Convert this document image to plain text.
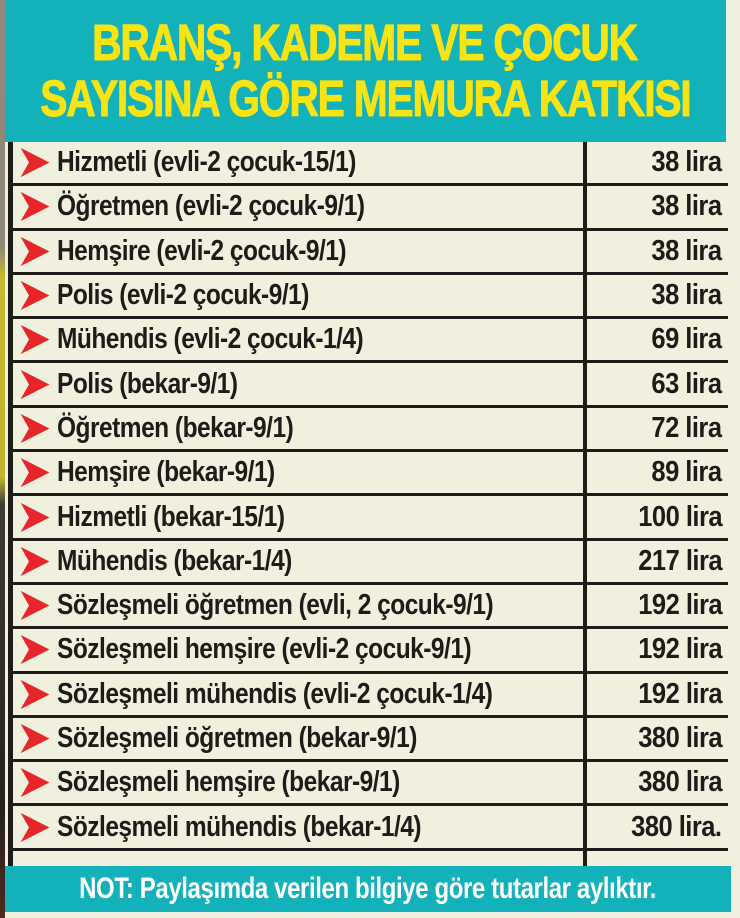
BRANŞ, KADEME VE ÇOCUK
SAYISINA GÖRE MEMURA KATKISI
Hizmetli (evli-2 çocuk-15/1)	38 lira
Öğretmen (evli-2 çocuk-9/1)	38 lira
Hemşire (evli-2 çocuk-9/1)	38 lira
Polis (evli-2 çocuk-9/1)	38 lira
Mühendis (evli-2 çocuk-1/4)	69 lira
Polis (bekar-9/1)	63 lira
Öğretmen (bekar-9/1)	72 lira
Hemşire (bekar-9/1)	89 lira
Hizmetli (bekar-15/1)	100 lira
Mühendis (bekar-1/4)	217 lira
Sözleşmeli öğretmen (evli, 2 çocuk-9/1)	192 lira
Sözleşmeli hemşire (evli-2 çocuk-9/1)	192 lira
Sözleşmeli mühendis (evli-2 çocuk-1/4)	192 lira
Sözleşmeli öğretmen (bekar-9/1)	380 lira
Sözleşmeli hemşire (bekar-9/1)	380 lira
Sözleşmeli mühendis (bekar-1/4)	380 lira.
NOT: Paylaşımda verilen bilgiye göre tutarlar aylıktır.
